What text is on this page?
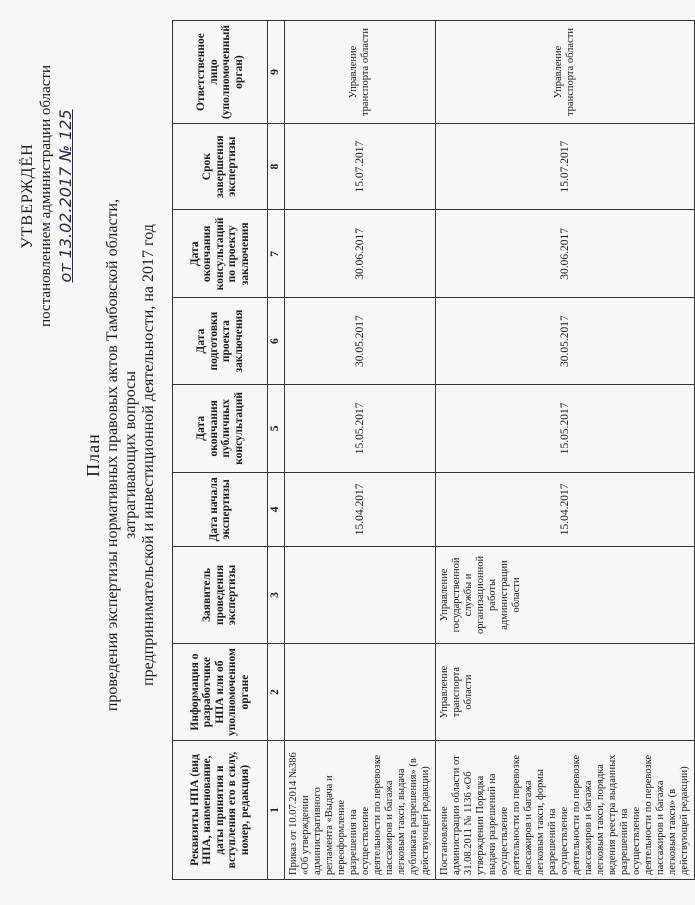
УТВЕРЖДЁН постановлением администрации области от 13.02.2017 № 125
План проведения экспертизы нормативных правовых актов Тамбовской области, затрагивающих вопросы предпринимательской и инвестиционной деятельности, на 2017 год
Реквизиты НПА (вид НПА, наименование, даты принятия и вступления его в силу, номер, редакция)	Информация о разработчике НПА или об уполномоченном органе	Заявитель проведения экспертизы	Дата начала экспертизы	Дата окончания публичных консультаций	Дата подготовки проекта заключения	Дата окончания консультаций по проекту заключения	Срок завершения экспертизы	Ответственное лицо (уполномоченный орган)
1	2	3	4	5	6	7	8	9
Приказ от 10.07.2014 №386 «Об утверждении административного регламента «Выдача и переоформление разрешения на осуществление деятельности по перевозке пассажиров и багажа легковым такси, выдача дубликата разрешения» (в действующей редакции)			15.04.2017	15.05.2017	30.05.2017	30.06.2017	15.07.2017	Управление транспорта области
Постановление администрации области от 31.08.2011 № 1136 «Об утверждении Порядка выдачи разрешений на осуществление деятельности по перевозке пассажиров и багажа легковым такси, формы разрешений на осуществление деятельности по перевозке пассажиров и багажа легковым такси, порядка ведения реестра выданных разрешений на осуществление деятельности по перевозке пассажиров и багажа легковым такси» (в действующей редакции)	Управление транспорта области	Управление государственной службы и организационной работы администрации области	15.04.2017	15.05.2017	30.05.2017	30.06.2017	15.07.2017	Управление транспорта области
